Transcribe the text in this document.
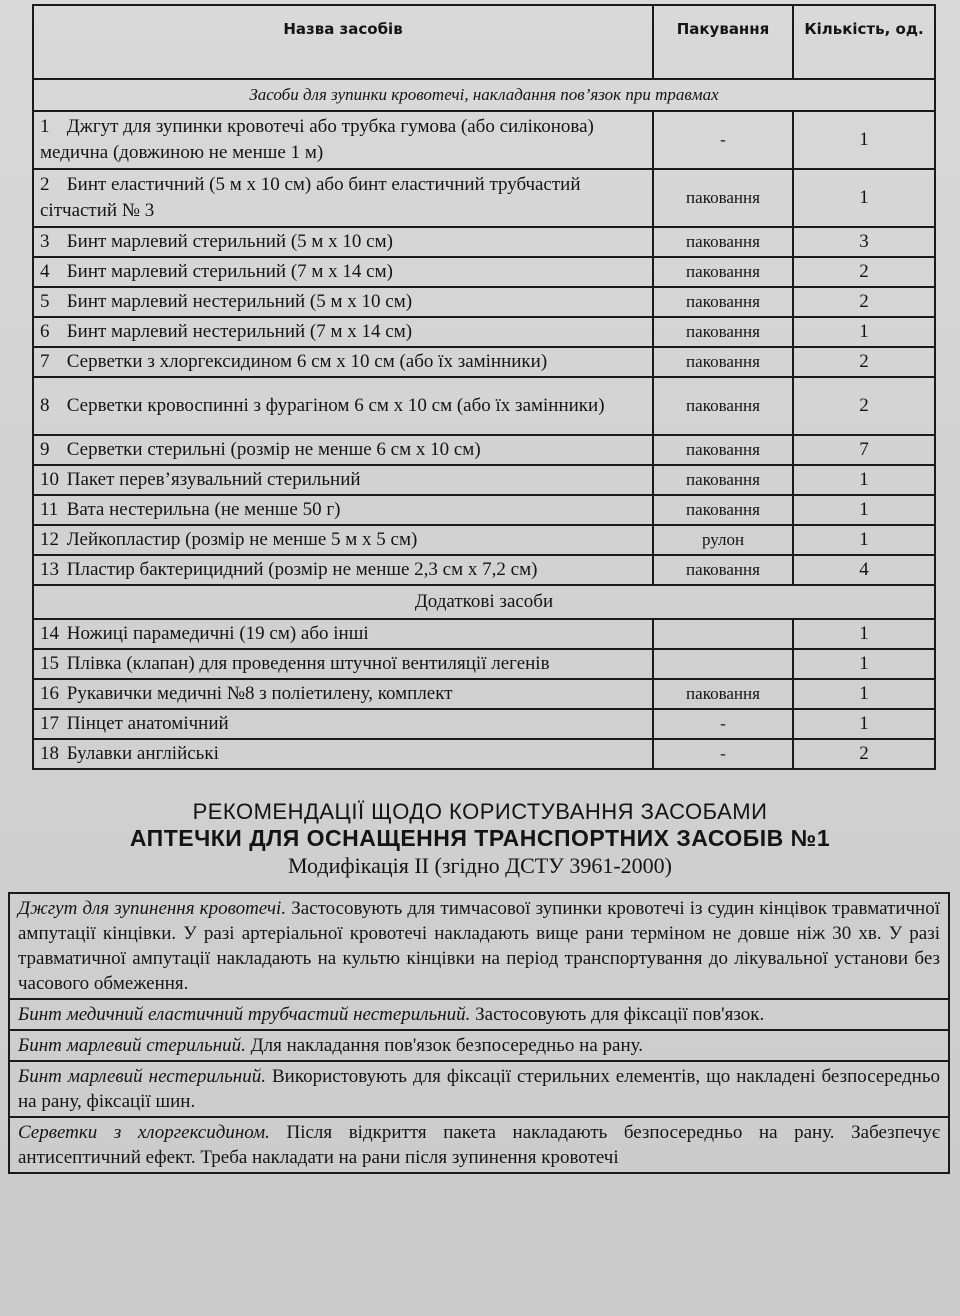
Назва засобів	Пакування	Кількість, од.
Засоби для зупинки кровотечі, накладання пов’язок при травмах		
1 Джгут для зупинки кровотечі або трубка гумова (або силіконова) медична (довжиною не менше 1 м)	-	1
2 Бинт еластичний (5 м х 10 см) або бинт еластичний трубчастий сітчастий № 3	паковання	1
3 Бинт марлевий стерильний (5 м х 10 см)	паковання	3
4 Бинт марлевий стерильний (7 м х 14 см)	паковання	2
5 Бинт марлевий нестерильний (5 м х 10 см)	паковання	2
6 Бинт марлевий нестерильний (7 м х 14 см)	паковання	1
7 Серветки з хлоргексидином 6 см х 10 см (або їх замінники)	паковання	2
8 Серветки кровоспинні з фурагіном 6 см х 10 см (або їх замінники)	паковання	2
9 Серветки стерильні (розмір не менше 6 см х 10 см)	паковання	7
10 Пакет перев’язувальний стерильний	паковання	1
11 Вата нестерильна (не менше 50 г)	паковання	1
12 Лейкопластир (розмір не менше 5 м х 5 см)	рулон	1
13 Пластир бактерицидний (розмір не менше 2,3 см х 7,2 см)	паковання	4
Додаткові засоби		
14 Ножиці парамедичні (19 см) або інші		1
15 Плівка (клапан) для проведення штучної вентиляції легенів		1
16 Рукавички медичні №8 з поліетилену, комплект	паковання	1
17 Пінцет анатомічний	-	1
18 Булавки англійські	-	2
РЕКОМЕНДАЦІЇ ЩОДО КОРИСТУВАННЯ ЗАСОБАМИ
АПТЕЧКИ ДЛЯ ОСНАЩЕННЯ ТРАНСПОРТНИХ ЗАСОБІВ №1
Модифікація II (згідно ДСТУ 3961-2000)
Джгут для зупинення кровотечі. Застосовують для тимчасової зупинки кровотечі із судин кінцівок травматичної ампутації кінцівки. У разі артеріальної кровотечі накладають вище рани терміном не довше ніж 30 хв. У разі травматичної ампутації накладають на культю кінцівки на період транспортування до лікувальної установи без часового обмеження.
Бинт медичний еластичний трубчастий нестерильний. Застосовують для фіксації пов'язок.
Бинт марлевий стерильний. Для накладання пов'язок безпосередньо на рану.
Бинт марлевий нестерильний. Використовують для фіксації стерильних елементів, що накладені безпосередньо на рану, фіксації шин.
Серветки з хлоргексидином. Після відкриття пакета накладають безпосередньо на рану. Забезпечує антисептичний ефект. Треба накладати на рани після зупинення кровотечі
